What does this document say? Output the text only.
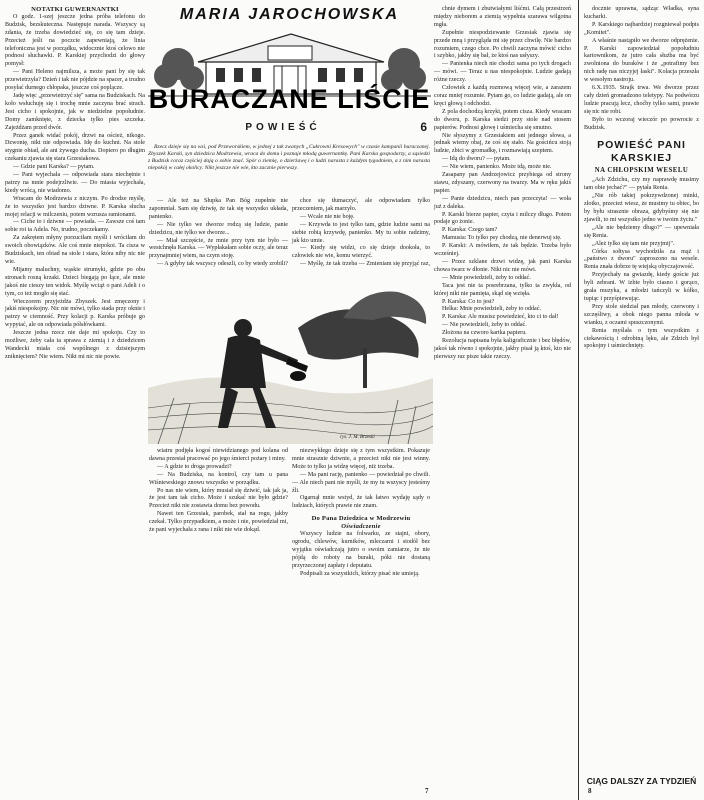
NOTATKI GUWERNANTKI

O godz. 1-szej jeszcze jedna próba telefonu do Budzisk, bezskuteczna. Następuje narada. Wszyscy są zdania, że trzeba dowiedzieć się, co się tam dzieje. Przecież jeśli na poczcie zapewniają, że linia telefoniczna jest w porządku, widocznie ktoś celowo nie podnosi słuchawki. P. Karskiej przychodzi do głowy pomysł:

— Pani Heleno najmilsza, a może pani by się tak przewietrzyła? Dzień i tak nie pójdzie na spacer, a trudno posyłać durnego chłopaka, jeszcze coś poplącze.

Jadę więc „przewietrzyć się" sama na Budziskach. Na koło wsłuchuję się i trochę mnie zaczyna brać strach. Jest cicho i spokojnie, jak w niedzielne popołudnie. Domy zamknięte, z dziecka tylko pies szczeka. Zajeżdżam przed dwór.

Przez ganek widać pokój, drzwi na oścież, nikogo. Dzwonię, nikt nie odpowiada. Idę do kuchni. Na stole stygnie obiad, ale ani żywego ducha. Dopiero po długim czekaniu zjawia się stara Grzesiakowa.

— Gdzie pani Karska? — pytam.

— Pani wyjechała — odpowiada stara niechętnie i patrzy na mnie podejrzliwie. — Do miasta wyjechała, kiedy wrócą, nie wiadomo.

Wracam do Modrzewia z niczym. Po drodze myślę, że to wszystko jest bardzo dziwne. P. Karska słucha mojej relacji w milczeniu, potem wzrusza ramionami.

— Ciche to i dziwne — powiada. — Zawsze coś tam sobie roi ta Adela. No, trudno, poczekamy.

Za zakrętem młyny porzuciłam myśli i wróciłam do swoich obowiązków. Ale coś mnie niepokoi. Ta cisza w Budziskach, ten obiad na stole i stara, która niby nic nie wie.

Mijamy maluchny, wąskie strumyki, gdzie po obu stronach rosną krzaki. Dzieci biegają po łące, ale mnie jakoś nie cieszy ten widok. Myślę wciąż o pani Adeli i o tym, co też mogło się stać.

Wieczorem przyjeżdża Zbyszek. Jest zmęczony i jakiś niespokojny. Nic nie mówi, tylko siada przy oknie i patrzy w ciemność. Przy kolacji p. Karska próbuje go wypytać, ale on odpowiada półsłówkami.

Jeszcze jedna rzecz nie daje mi spokoju. Czy to możliwe, żeby cała ta sprawa z ziemią i z dziedzicem Wandecki miała coś wspólnego z dzisiejszym zniknięciem? Nie wiem. Nikt mi nic nie powie.

MARIA JAROCHOWSKA
BURACZANE LIŚCIE
POWIEŚĆ	6

Rzecz dzieje się na wsi, pod Przeworskiem, w jednej z tak zwanych „Cukrowni Kresowych" w czasie kampanii buraczanej. Zbyszek Karski, syn dziedzica Modrzewia, wraca do domu i poznaje młodą guwernantkę. Pani Karska gospodarzy, a sąsiedzi z Budzisk coraz częściej dają o sobie znać. Spór o ziemię, o dzierżawę i o ludzi narasta z każdym tygodniem, a z nim narasta niepokój w całej okolicy. Nikt jeszcze nie wie, kto zacznie pierwszy.

— Ale też na Słupka Pan Bóg zupełnie nie zapomniał. Sam się dziwię, że tak się wszystko układa, panienko.

— Nie tylko we dworze rodzą się ludzie, panie dziedzicu, nie tylko we dworze...

— Miał szczęście, że mnie przy tym nie było — westchnęła Karska. — Wypłakałam sobie oczy, ale teraz przynajmniej wiem, na czym stoję.

— A gdyby tak wszyscy odeszli, co by wtedy zrobili?

chce się tłumaczyć, ale odpowiadam tylko przeczeniem, jak marzyło.

— Wcale nie nie boję.

— Krzywda to jest tylko tam, gdzie ludzie sami na siebie robią krzywdę, panienko. My tu sobie radzimy, jak kto umie.

— Kiedy się widzi, co się dzieje dookoła, to człowiek nie wie, komu wierzyć.

— Myślę, że tak trzeba — Zmieniam się przyjąć raz,

rys. J. M. Brzeski

wiatru podjęła kogoś niewidzianego pod kolana od dawna przestał pracować po jego śmierci pożary i miny.

— A gdzie to droga prowadzi?

— Na Budziska, na kontrol, czy tam u pana Wiśniewskiego znowu wszystko w porządku.

Po nas nie wiem, który musiał się dziwić, tak jak ja, że jest tam tak cicho. Może i szukać nie było gdzie? Przecież nikt nie zostawia domu bez powodu.

Nawet ten Grzesiak, parobek, stał na rogu, jakby czekał. Tylko przypadkiem, a może i nie, powiedział mi, że pani wyjechała z rana i nikt nie wie dokąd.

niezwykłego dzieje się z tym wszystkim. Pokazuje mnie strasznie dziwnie, a przecież nikt nie jest winny. Może to tylko ja widzę więcej, niż trzeba.

— Ma pani rację, panienko — powiedział po chwili. — Ale niech pani nie myśli, że my tu wszyscy jesteśmy źli.

Ogarnął mnie wstyd, że tak łatwo wydaję sądy o ludziach, których prawie nie znam.

Do Pana Dziedzica w Modrzewiu

Oświadczenie

Wszyscy ludzie na folwarku, ze stajni, obory, ogrodu, chlewów, kurników, mleczarni i stodół bez wyjątku oświadczają jutro o swoim zamiarze, że nie pójdą do roboty na buraki, póki nie dostaną przyrzeczonej zapłaty i deputatu.

Podpisali za wszystkich, którzy pisać nie umieją.

chnie dymem i zbutwiałymi liśćmi. Całą przestrzeń między nieborem a ziemią wypełnia szarawa wilgotna mgła.

Zupełnie niespodziewanie Grzesiak zjawia się przede mną i przygląda mi się przez chwilę. Nie bardzo rozumiem, czego chce. Po chwili zaczyna mówić cicho i szybko, jakby się bał, że ktoś nas usłyszy.

— Panienka niech nie chodzi sama po tych drogach — mówi. — Teraz u nas niespokojnie. Ludzie gadają różne rzeczy.

Człowiek z każdą rozmową więcej wie, a zarazem coraz mniej rozumie. Pytam go, co ludzie gadają, ale on kręci głową i odchodzi.

Z pola dochodzą krzyki, potem cisza. Kiedy wracam do dworu, p. Karska siedzi przy stole nad stosem papierów. Podnosi głowę i uśmiecha się smutno.

Nie słyszymy z Grzesiakiem ani jednego słowa, a jednak wiemy obaj, że coś się stało. Na gościńcu stoją ludzie, zbici w gromadkę, i rozmawiają szeptem.

— Idą do dworu? — pytam.

— Nie wiem, panienko. Może idą, może nie.

Zasapany pan Andrzejowicz przybiega od strony stawu, zdyszany, czerwony na twarzy. Ma w ręku jakiś papier.

— Panie dziedzicu, niech pan przeczyta! — woła już z daleka.

P. Karski bierze papier, czyta i milczy długo. Potem podaje go żonie.

P. Karska: Czego tam?

Mamusia: To tylko psy chodzą, nie denerwuj się.

P. Karski: A mówiłem, że tak będzie. Trzeba było wcześniej.

— Przez szklane drzwi widzę, jak pani Karska chowa twarz w dłonie. Nikt nic nie mówi.

— Mnie powiedzieli, żeby to oddać.

Taca jest nie ta posrebrzana, tylko ta zwykła, od której nikt nie pamięta, skąd się wzięła.

P. Karska: Co to jest?

Helka: Mnie powiedzieli, żeby to oddać.

P. Karska: Ale musisz powiedzieć, kto ci to dał!

— Nie powiedzieli, żeby to oddać.

Złożona na czworo kartka papieru.

Rezolucja napisana była kaligraficznie i bez błędów, jakoś tak równo i spokojnie, jakby pisał ją ktoś, kto nie pierwszy raz pisze takie rzeczy.

docznie uprawna, sądząc Władka, syna kucharki.

P. Karskiego najbardziej rozgniewał podpis „Komitet".

A właśnie nastąpiło we dworze odprężenie. P. Karski zapowiedział popołudniu kartownikom, że jutro cała służba ma być zwolniona do buraków i że „potrafimy bez nich radę nas niczyjej łaski". Kolacja przeszła w wesołym nastroju.

6.X.1935. Strajk trwa. We dworze przez cały dzień gromadzono teletypy. Na podwórzu ludzie pracują lecz, choćby tylko sami, prawie się nic nie robi.

Było to wczoraj wieczór po powrocie z Budzisk.

POWIEŚĆ PANI KARSKIEJ
NA CHŁOPSKIM WESELU

„Ach Zdzichu, czy my naprawdę musimy tam obie jechać?" — pytała Renia.

„Nie rób takiej pokrzywdzonej minki, złotko, przecież wiesz, że musimy tu obiec, bo by byłu strasznie obraza, gdybyśmy się nie zjawili, to mi wszystko jedno w twoim życiu."

„Ale nie będziemy długo?" — upewniała się Renia.

„Ależ tylko się tam nie przyjmij".

Córka sołtysa wychodziła za mąż i „państwo z dworu" zaproszono na wesele. Renia znała dobrze tę wiejską obyczajowość.

Przyjechały na gwiazdę, kiedy goście już byli zebrani. W izbie było ciasno i gorąco, grała muzyka, a młodzi tańczyli w kółko, tupiąc i przyśpiewując.

Przy stole siedział pan młody, czerwony i szczęśliwy, a obok niego panna młoda w wianku, z oczami spuszczonymi.

Renia myślała o tym wszystkim z ciekawością i odrobiną lęku, ale Zdzich był spokojny i uśmiechnięty.

CIĄG DALSZY ZA TYDZIEŃ
7	8
